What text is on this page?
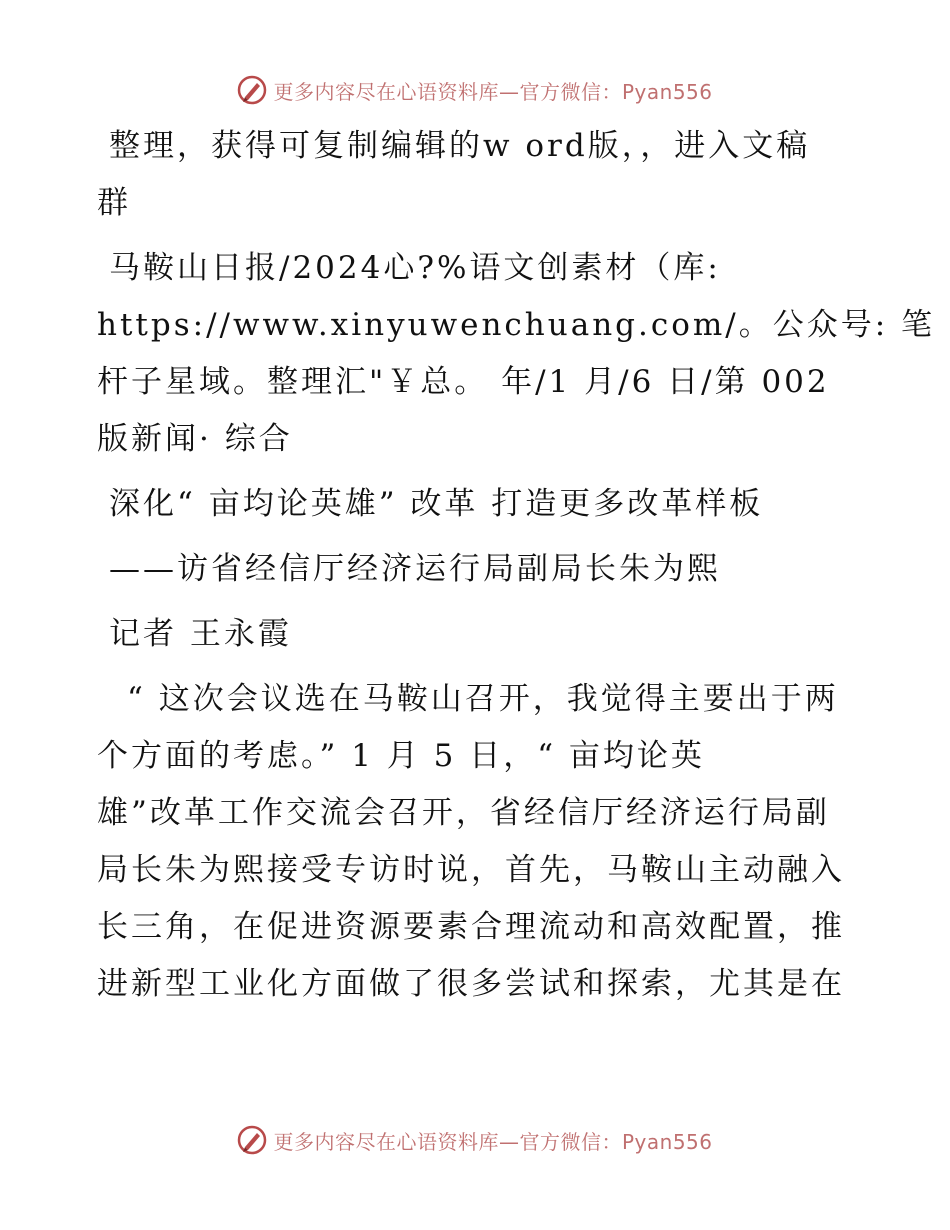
更多内容尽在心语资料库—官方微信：Pyan556

整理，获得可复制编辑的w ord版，，进入文稿
群

马鞍山日报/2024心?%语文创素材（库:
https://www.xinyuwenchuang.com/。公众号: 笔
杆子星域。整理汇"￥总。 年/1 月/6 日/第 002
版新闻· 综合

深化“ 亩均论英雄” 改革 打造更多改革样板

——访省经信厅经济运行局副局长朱为熙

记者 王永霞

“ 这次会议选在马鞍山召开，我觉得主要出于两
个方面的考虑。” 1 月 5 日，“ 亩均论英
雄”改革工作交流会召开，省经信厅经济运行局副
局长朱为熙接受专访时说，首先，马鞍山主动融入
长三角，在促进资源要素合理流动和高效配置，推
进新型工业化方面做了很多尝试和探索，尤其是在

更多内容尽在心语资料库—官方微信：Pyan556
